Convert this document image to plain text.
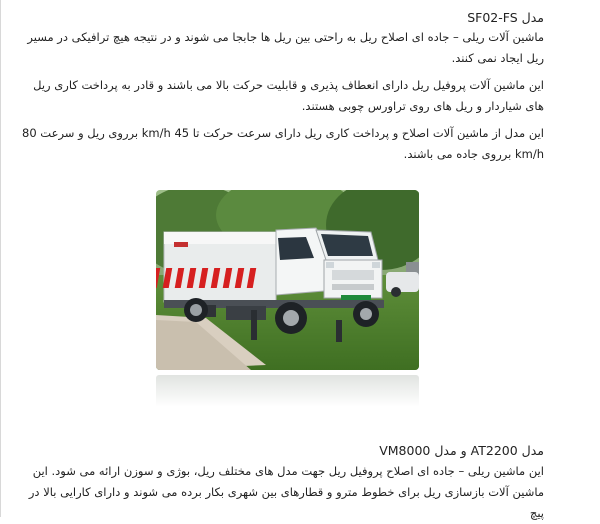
مدل SF02-FS

ماشین آلات ریلی – جاده ای اصلاح ریل به راحتی بین ریل ها جابجا می شوند و در نتیجه هیچ ترافیکی در مسیر ریل ایجاد نمی کنند.

این ماشین آلات پروفیل ریل دارای انعطاف پذیری و قابلیت حرکت بالا می باشند و قادر به پرداخت کاری ریل های شیاردار و ریل های روی تراورس چوبی هستند.

این مدل از ماشین آلات اصلاح و پرداخت کاری ریل دارای سرعت حرکت تا 45 km/h برروی ریل و سرعت 80 km/h برروی جاده می باشند.

مدل AT2200 و مدل VM8000

این ماشین ریلی – جاده ای اصلاح پروفیل ریل جهت مدل های مختلف ریل، بوژی و سوزن ارائه می شود. این ماشین آلات بازسازی ریل برای خطوط مترو و قطارهای بین شهری بکار برده می شوند و دارای کارایی بالا در پیچ
